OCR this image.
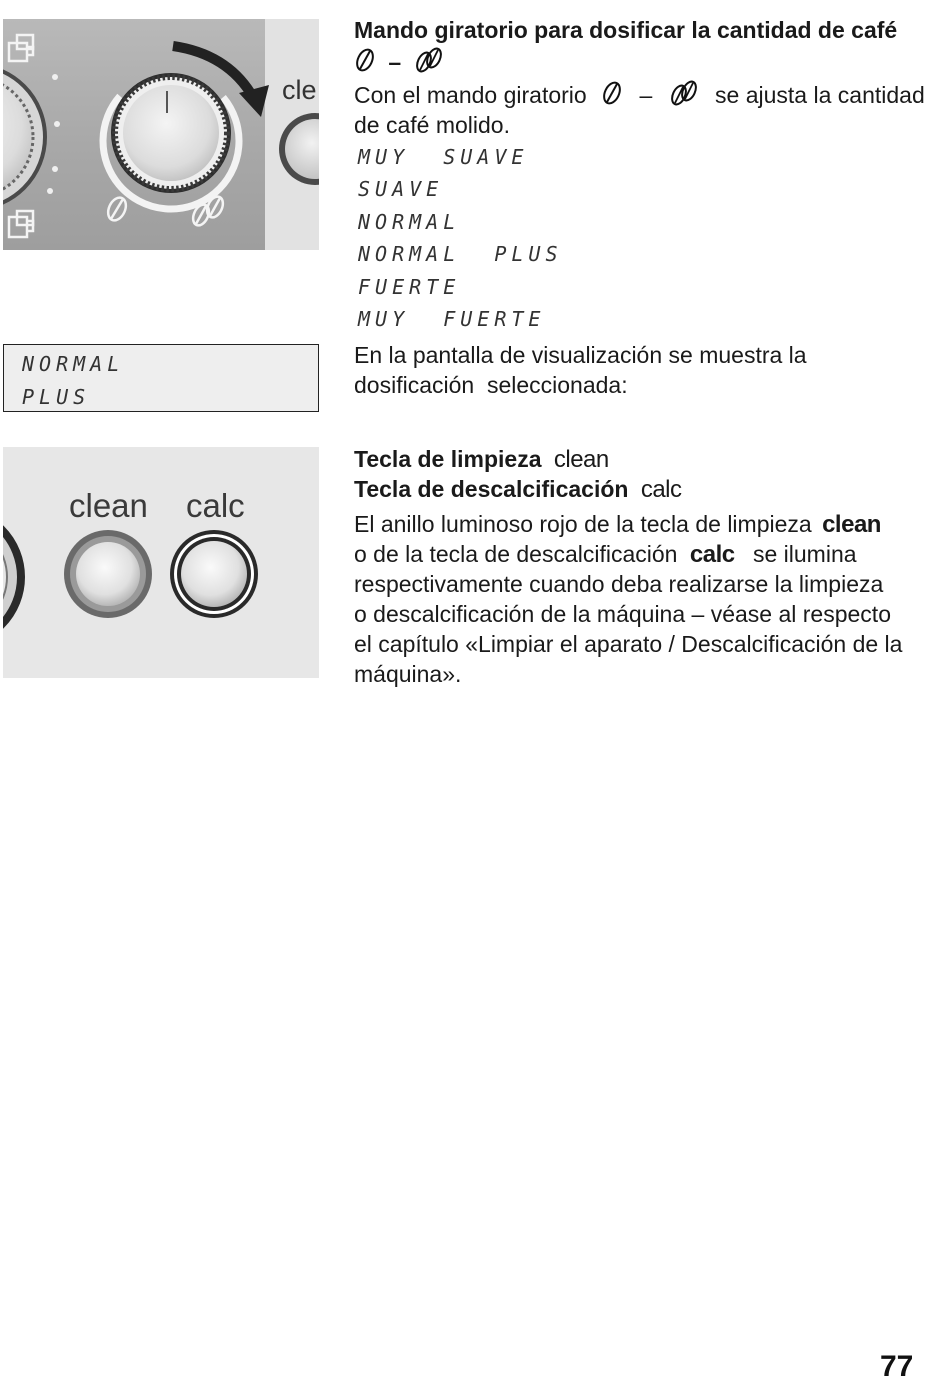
cle
NORMAL
PLUS
clean calc
Mando giratorio para dosificar la cantidad de café
–
Con el mando giratorio –	se ajusta la cantidad
de café molido.
MUY  SUAVE
SUAVE
NORMAL
NORMAL  PLUS
FUERTE
MUY  FUERTE
En la pantalla de visualización se muestra la
dosificación  seleccionada:
Tecla de limpieza clean
Tecla de descalcificación calc
El anillo luminoso rojo de la tecla de limpieza clean
o de la tecla de descalcificación calc se ilumina
respectivamente cuando deba realizarse la limpieza
o descalcificación de la máquina – véase al respecto
el capítulo «Limpiar el aparato / Descalcificación de la
máquina».
77
